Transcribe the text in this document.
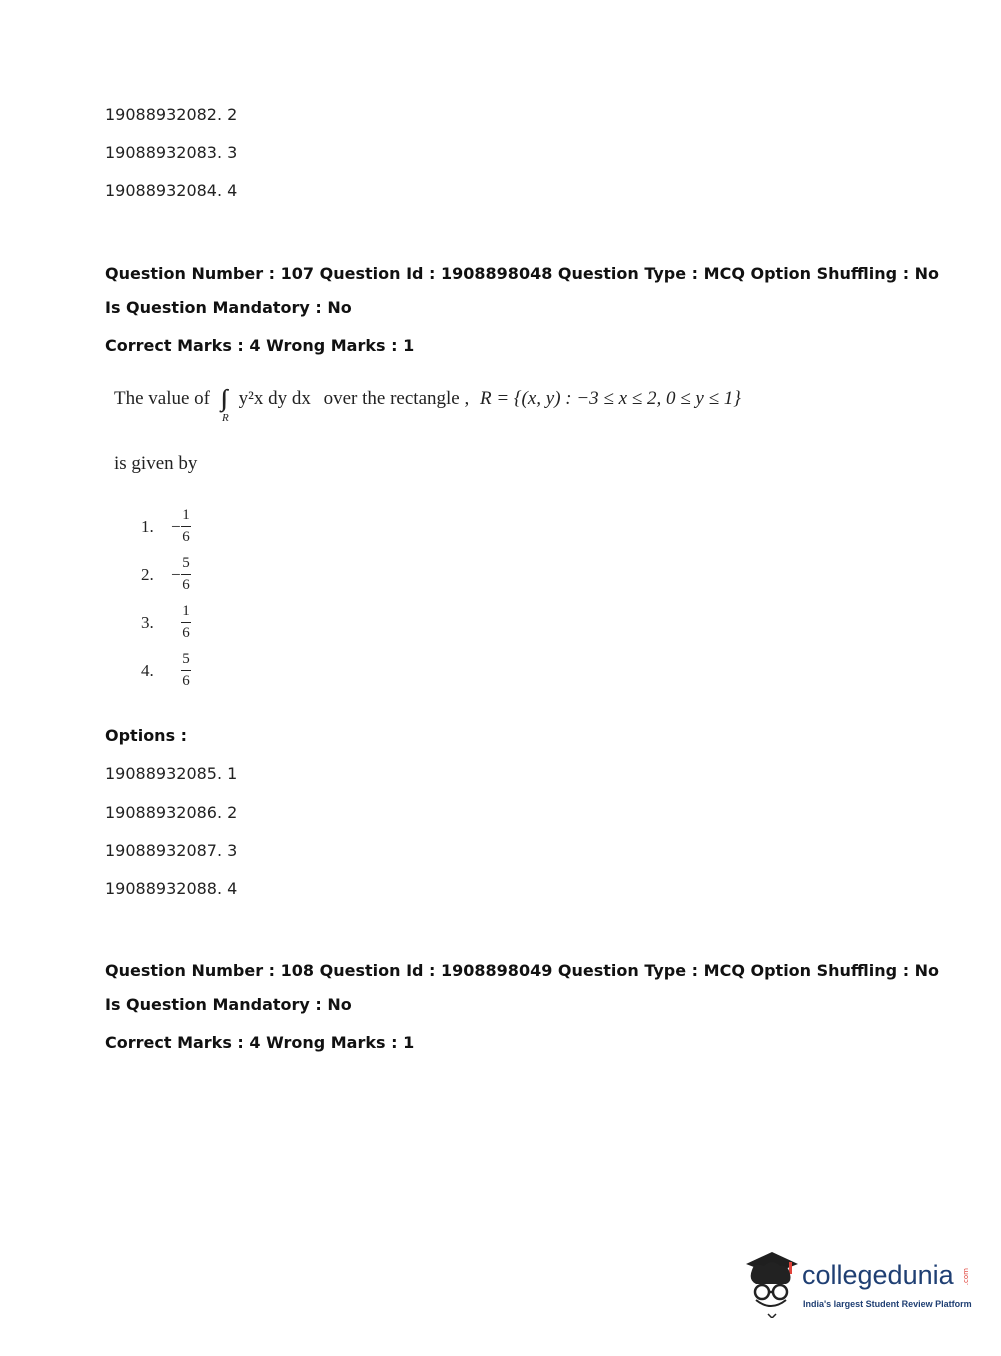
19088932082. 2
19088932083. 3
19088932084. 4
Question Number : 107 Question Id : 1908898048 Question Type : MCQ Option Shuffling : No
Is Question Mandatory : No
Correct Marks : 4 Wrong Marks : 1
The value of ∫∫ y²x dy dx
R
over the rectangle , R = {(x, y) : −3 ≤ x ≤ 2, 0 ≤ y ≤ 1}
is given by
1.	− $\frac{1}{6}$
2.	− $\frac{5}{6}$
3.	$\frac{1}{6}$
4.	$\frac{5}{6}$
Options :
19088932085. 1
19088932086. 2
19088932087. 3
19088932088. 4
Question Number : 108 Question Id : 1908898049 Question Type : MCQ Option Shuffling : No
Is Question Mandatory : No
Correct Marks : 4 Wrong Marks : 1
collegedunia .com
India's largest Student Review Platform
